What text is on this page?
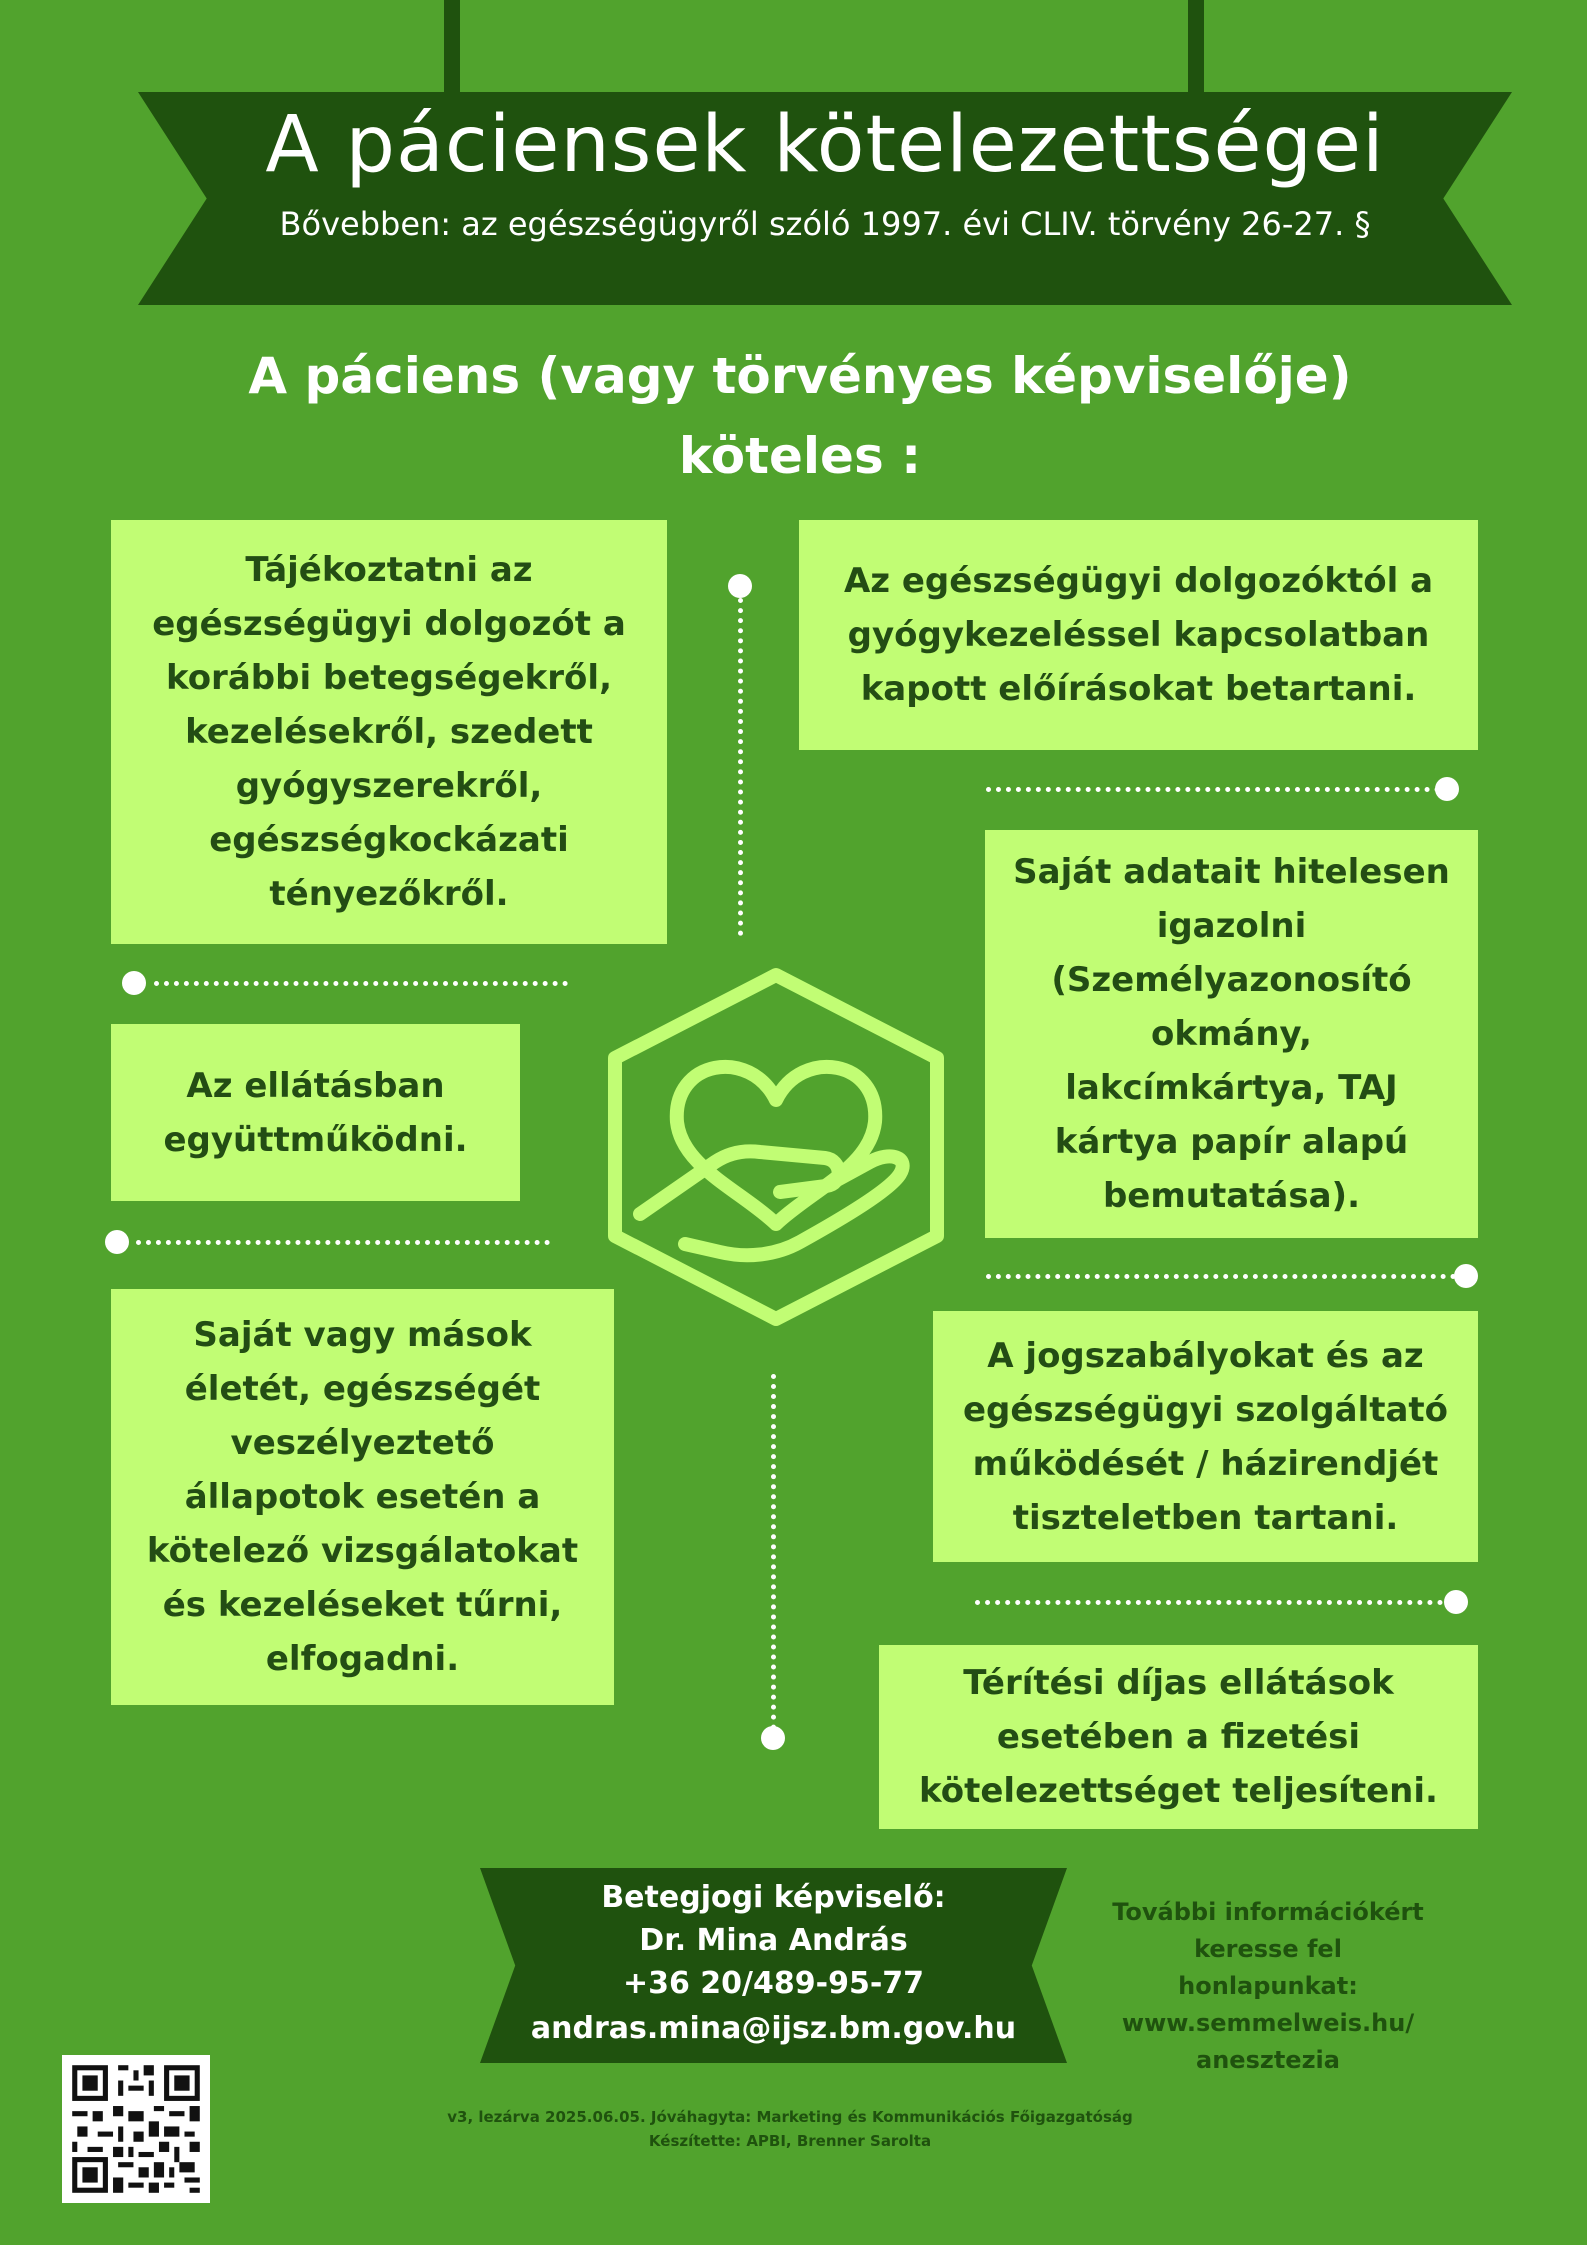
A páciensek kötelezettségei
Bővebben: az egészségügyről szóló 1997. évi CLIV. törvény 26-27. §
A páciens (vagy törvényes képviselője)
köteles :
Tájékoztatni az
egészségügyi dolgozót a
korábbi betegségekről,
kezelésekről, szedett
gyógyszerekről,
egészségkockázati
tényezőkről.
Az ellátásban
együttműködni.
Saját vagy mások
életét, egészségét
veszélyeztető
állapotok esetén a
kötelező vizsgálatokat
és kezeléseket tűrni,
elfogadni.
Az egészségügyi dolgozóktól a
gyógykezeléssel kapcsolatban
kapott előírásokat betartani.
Saját adatait hitelesen
igazolni
(Személyazonosító
okmány,
lakcímkártya, TAJ
kártya papír alapú
bemutatása).
A jogszabályokat és az
egészségügyi szolgáltató
működését / házirendjét
tiszteletben tartani.
Térítési díjas ellátások
esetében a fizetési
kötelezettséget teljesíteni.
Betegjogi képviselő:
Dr. Mina András
+36 20/489-95-77
andras.mina@ijsz.bm.gov.hu
További információkért
keresse fel honlapunkat:
www.semmelweis.hu/
anesztezia
v3, lezárva 2025.06.05. Jóváhagyta: Marketing és Kommunikációs Főigazgatóság
Készítette: APBI, Brenner Sarolta
